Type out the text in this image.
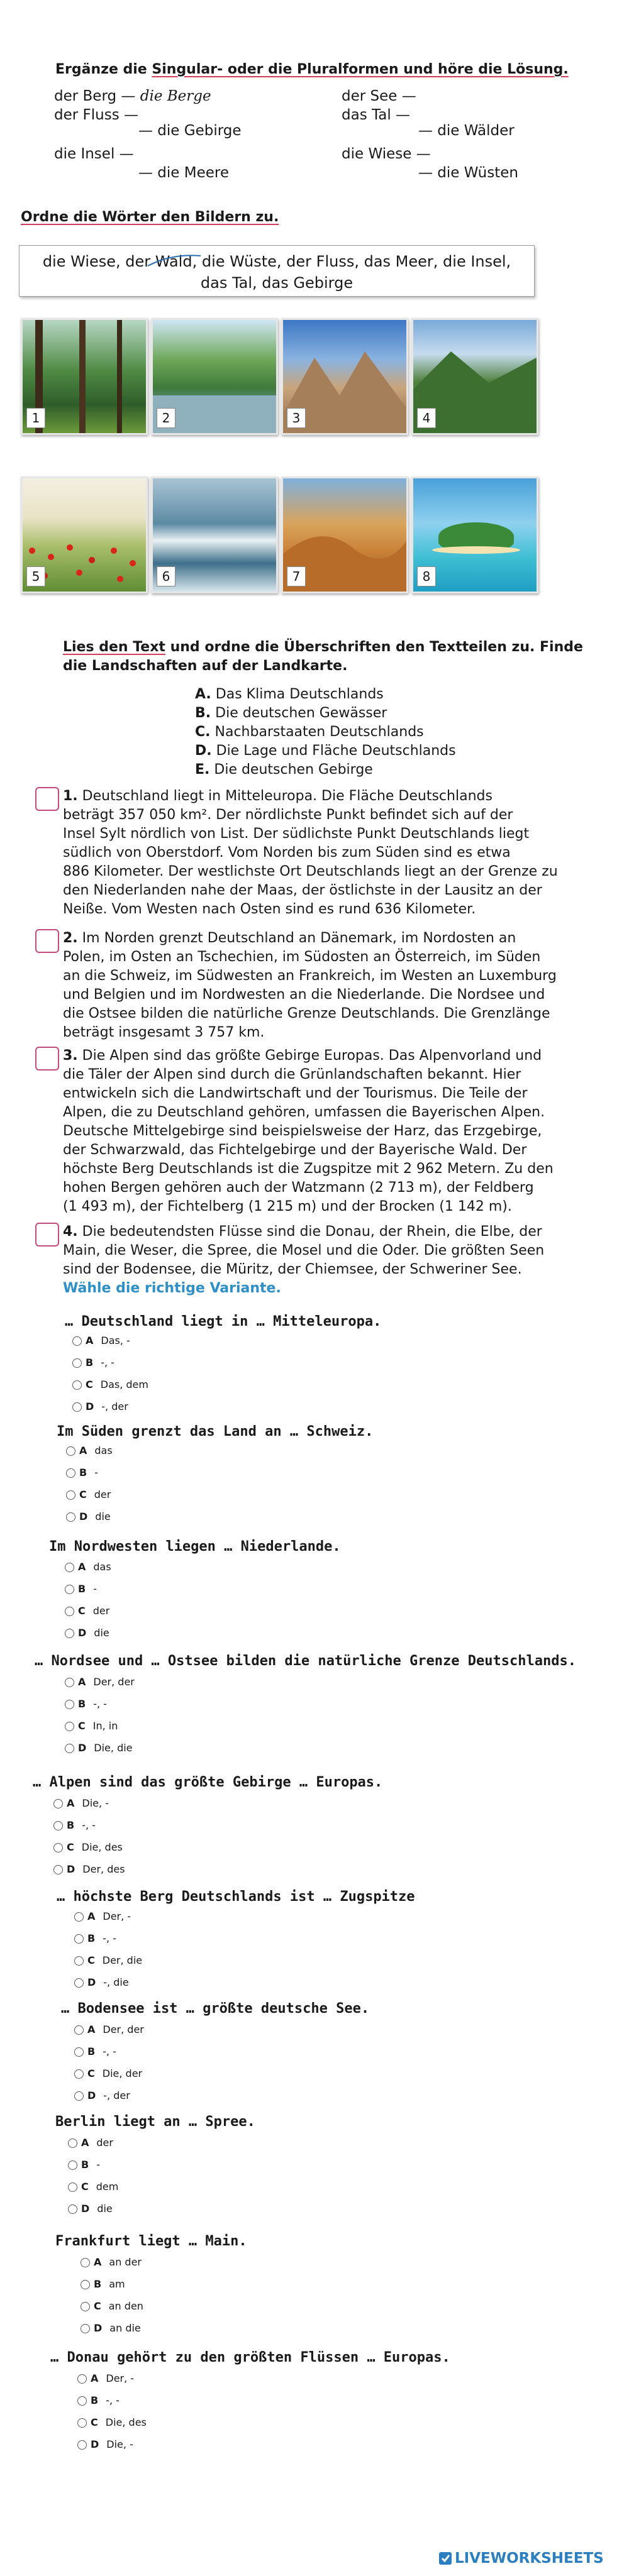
Ergänze die Singular- oder die Pluralformen und höre die Lösung.
der Berg — die Berge
der Fluss —
— die Gebirge
die Insel —
— die Meere
der See —
das Tal —
— die Wälder
die Wiese —
— die Wüsten
Ordne die Wörter den Bildern zu.
die Wiese, der Wald, die Wüste, der Fluss, das Meer, die Insel,
das Tal, das Gebirge
1	2	3	4
5	6	7	8
Lies den Text und ordne die Überschriften den Textteilen zu. Finde
die Landschaften auf der Landkarte.
A. Das Klima Deutschlands
B. Die deutschen Gewässer
C. Nachbarstaaten Deutschlands
D. Die Lage und Fläche Deutschlands
E. Die deutschen Gebirge
1. Deutschland liegt in Mitteleuropa. Die Fläche Deutschlands
beträgt 357 050 km². Der nördlichste Punkt befindet sich auf der
Insel Sylt nördlich von List. Der südlichste Punkt Deutschlands liegt
südlich von Oberstdorf. Vom Norden bis zum Süden sind es etwa
886 Kilometer. Der westlichste Ort Deutschlands liegt an der Grenze zu
den Niederlanden nahe der Maas, der östlichste in der Lausitz an der
Neiße. Vom Westen nach Osten sind es rund 636 Kilometer.
2. Im Norden grenzt Deutschland an Dänemark, im Nordosten an
Polen, im Osten an Tschechien, im Südosten an Österreich, im Süden
an die Schweiz, im Südwesten an Frankreich, im Westen an Luxemburg
und Belgien und im Nordwesten an die Niederlande. Die Nordsee und
die Ostsee bilden die natürliche Grenze Deutschlands. Die Grenzlänge
beträgt insgesamt 3 757 km.
3. Die Alpen sind das größte Gebirge Europas. Das Alpenvorland und
die Täler der Alpen sind durch die Grünlandschaften bekannt. Hier
entwickeln sich die Landwirtschaft und der Tourismus. Die Teile der
Alpen, die zu Deutschland gehören, umfassen die Bayerischen Alpen.
Deutsche Mittelgebirge sind beispielsweise der Harz, das Erzgebirge,
der Schwarzwald, das Fichtelgebirge und der Bayerische Wald. Der
höchste Berg Deutschlands ist die Zugspitze mit 2 962 Metern. Zu den
hohen Bergen gehören auch der Watzmann (2 713 m), der Feldberg
(1 493 m), der Fichtelberg (1 215 m) und der Brocken (1 142 m).
4. Die bedeutendsten Flüsse sind die Donau, der Rhein, die Elbe, der
Main, die Weser, die Spree, die Mosel und die Oder. Die größten Seen
sind der Bodensee, die Müritz, der Chiemsee, der Schweriner See.
Wähle die richtige Variante.
… Deutschland liegt in … Mitteleuropa.
A Das, -
B -, -
C Das, dem
D -, der
Im Süden grenzt das Land an … Schweiz.
A das
B -
C der
D die
Im Nordwesten liegen … Niederlande.
A das
B -
C der
D die
… Nordsee und … Ostsee bilden die natürliche Grenze Deutschlands.
A Der, der
B -, -
C In, in
D Die, die
… Alpen sind das größte Gebirge … Europas.
A Die, -
B -, -
C Die, des
D Der, des
… höchste Berg Deutschlands ist … Zugspitze
A Der, -
B -, -
C Der, die
D -, die
… Bodensee ist … größte deutsche See.
A Der, der
B -, -
C Die, der
D -, der
Berlin liegt an … Spree.
A der
B -
C dem
D die
Frankfurt liegt … Main.
A an der
B am
C an den
D an die
… Donau gehört zu den größten Flüssen … Europas.
A Der, -
B -, -
C Die, des
D Die, -
LIVEWORKSHEETS
